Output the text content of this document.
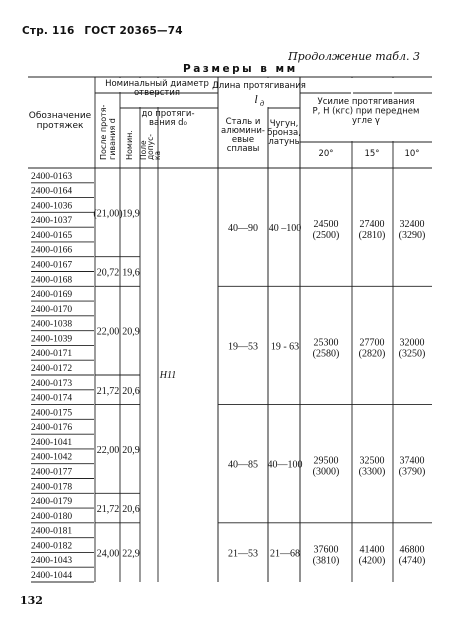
Стр. 116 ГОСТ 20365—74
Продолжение табл. 3
Размеры в мм
132
Обозначение
протяжек
Номинальный диаметр
отверстия
После протя- гивания d
до протяги-
вания d₀
Номин. Поле
допус-
ка
Длина протягивания
l д
Сталь и
алюмини-
евые
сплавы
Чугун,
бронза,
латунь
Усилие протягивания
P, Н (кгс) при переднем
угле γ
20°	15°	10°
2400-0163
2400-0164
2400-1036
2400-1037
2400-0165
2400-0166
2400-0167
2400-0168
2400-0169
2400-0170
2400-1038
2400-1039
2400-0171
2400-0172
2400-0173
2400-0174
2400-0175
2400-0176
2400-1041
2400-1042
2400-0177
2400-0178
2400-0179
2400-0180
2400-0181
2400-0182
2400-1043
2400-1044
(21,00) 19,9
20,72 19,6
22,00 20,9
21,72 20,6
22,00 20,9
21,72 20,6
24,00 22,9
H11
40—90 40 –100 24500
(2500)
27400
(2810)
32400
(3290)
19—53 19 - 63 25300
(2580)
27700
(2820)
32000
(3250)
40—85 40—100 29500
(3000)
32500
(3300)
37400
(3790)
21—53 21—68 37600
(3810)
41400
(4200)
46800
(4740)
